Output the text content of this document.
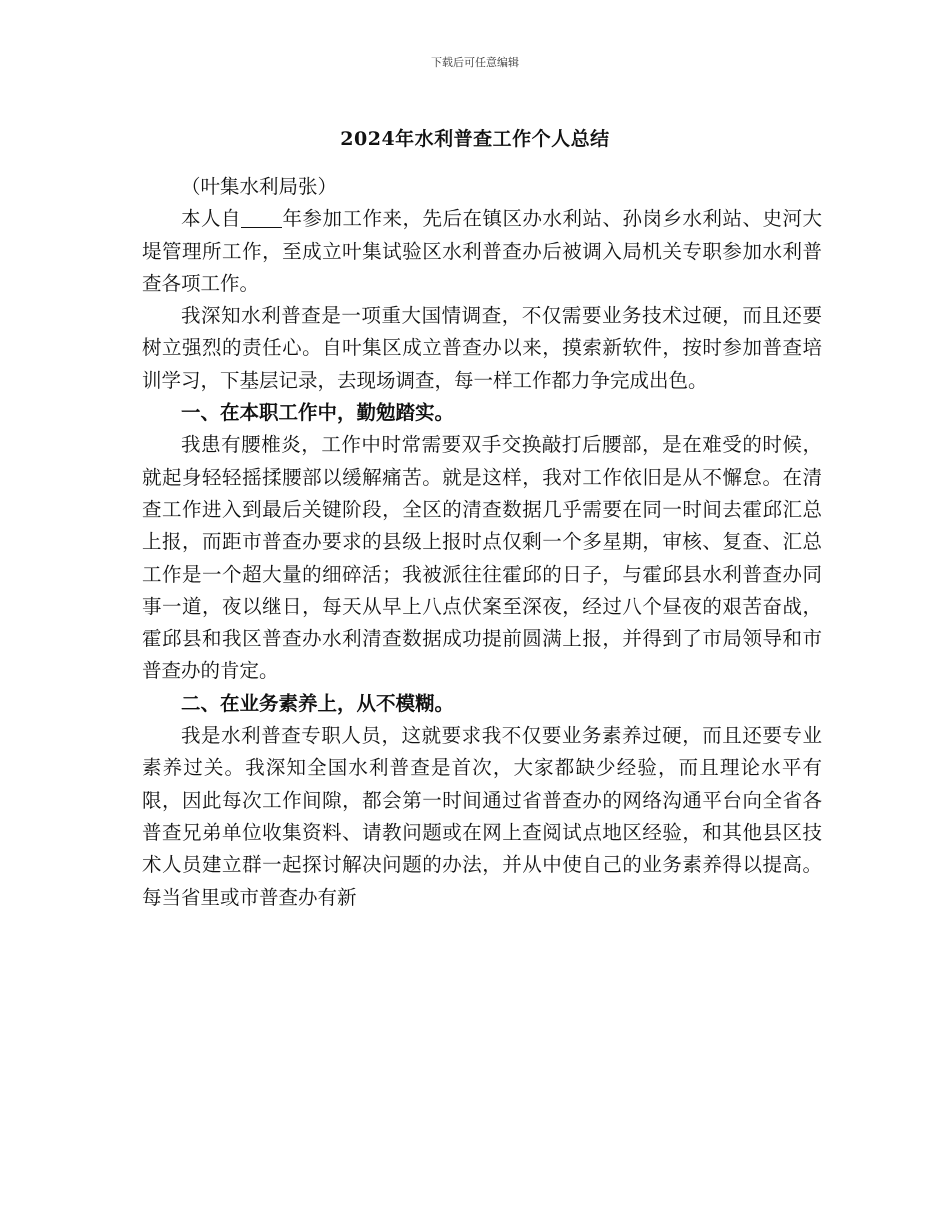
下载后可任意编辑
2024年水利普查工作个人总结

（叶集水利局张）

本人自 年参加工作来，先后在镇区办水利站、孙岗乡水利站、史河大堤管理所工作，至成立叶集试验区水利普查办后被调入局机关专职参加水利普查各项工作。

我深知水利普查是一项重大国情调查，不仅需要业务技术过硬，而且还要树立强烈的责任心。自叶集区成立普查办以来，摸索新软件，按时参加普查培训学习，下基层记录，去现场调查，每一样工作都力争完成出色。

一、在本职工作中，勤勉踏实。

我患有腰椎炎，工作中时常需要双手交换敲打后腰部，是在难受的时候，就起身轻轻摇揉腰部以缓解痛苦。就是这样，我对工作依旧是从不懈怠。在清查工作进入到最后关键阶段，全区的清查数据几乎需要在同一时间去霍邱汇总上报，而距市普查办要求的县级上报时点仅剩一个多星期，审核、复查、汇总工作是一个超大量的细碎活；我被派往往霍邱的日子，与霍邱县水利普查办同事一道，夜以继日，每天从早上八点伏案至深夜，经过八个昼夜的艰苦奋战，霍邱县和我区普查办水利清查数据成功提前圆满上报，并得到了市局领导和市普查办的肯定。

二、在业务素养上，从不模糊。

我是水利普查专职人员，这就要求我不仅要业务素养过硬，而且还要专业素养过关。我深知全国水利普查是首次，大家都缺少经验，而且理论水平有限，因此每次工作间隙，都会第一时间通过省普查办的网络沟通平台向全省各普查兄弟单位收集资料、请教问题或在网上查阅试点地区经验，和其他县区技术人员建立群一起探讨解决问题的办法，并从中使自己的业务素养得以提高。每当省里或市普查办有新
